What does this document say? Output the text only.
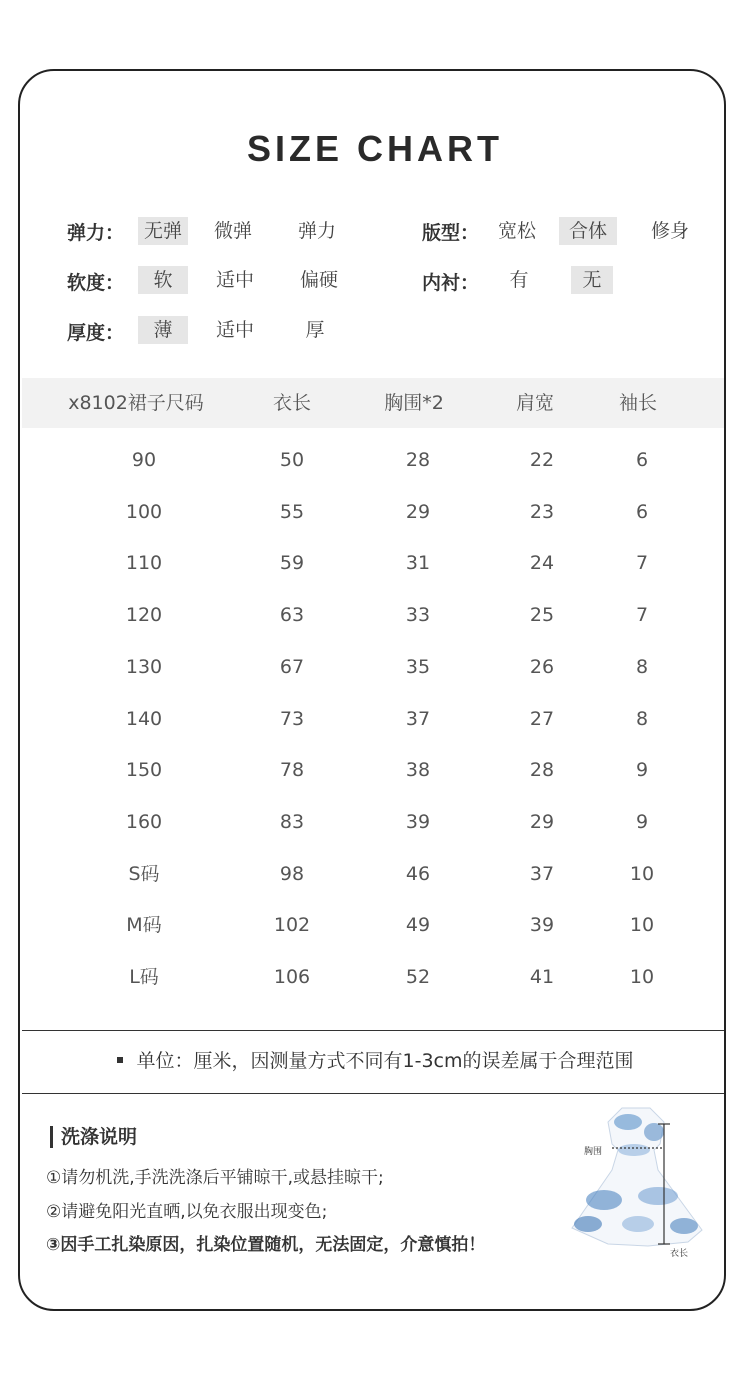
SIZE CHART
弹力：	无弹	微弹	弹力	版型： 宽松	合体	修身
软度：	软	适中	偏硬	内衬：	有	无
厚度：	薄	适中	厚
x8102裙子尺码	衣长	胸围*2	肩宽	袖长
90	50	28	22	6
100	55	29	23	6
110	59	31	24	7
120	63	33	25	7
130	67	35	26	8
140	73	37	27	8
150	78	38	28	9
160	83	39	29	9
S码	98	46	37	10
M码	102	49	39	10
L码	106	52	41	10
单位：厘米，因测量方式不同有1-3cm的误差属于合理范围
洗涤说明
①请勿机洗,手洗洗涤后平铺晾干,或悬挂晾干;
②请避免阳光直晒,以免衣服出现变色;
③因手工扎染原因，扎染位置随机，无法固定，介意慎拍！
胸围
衣长
